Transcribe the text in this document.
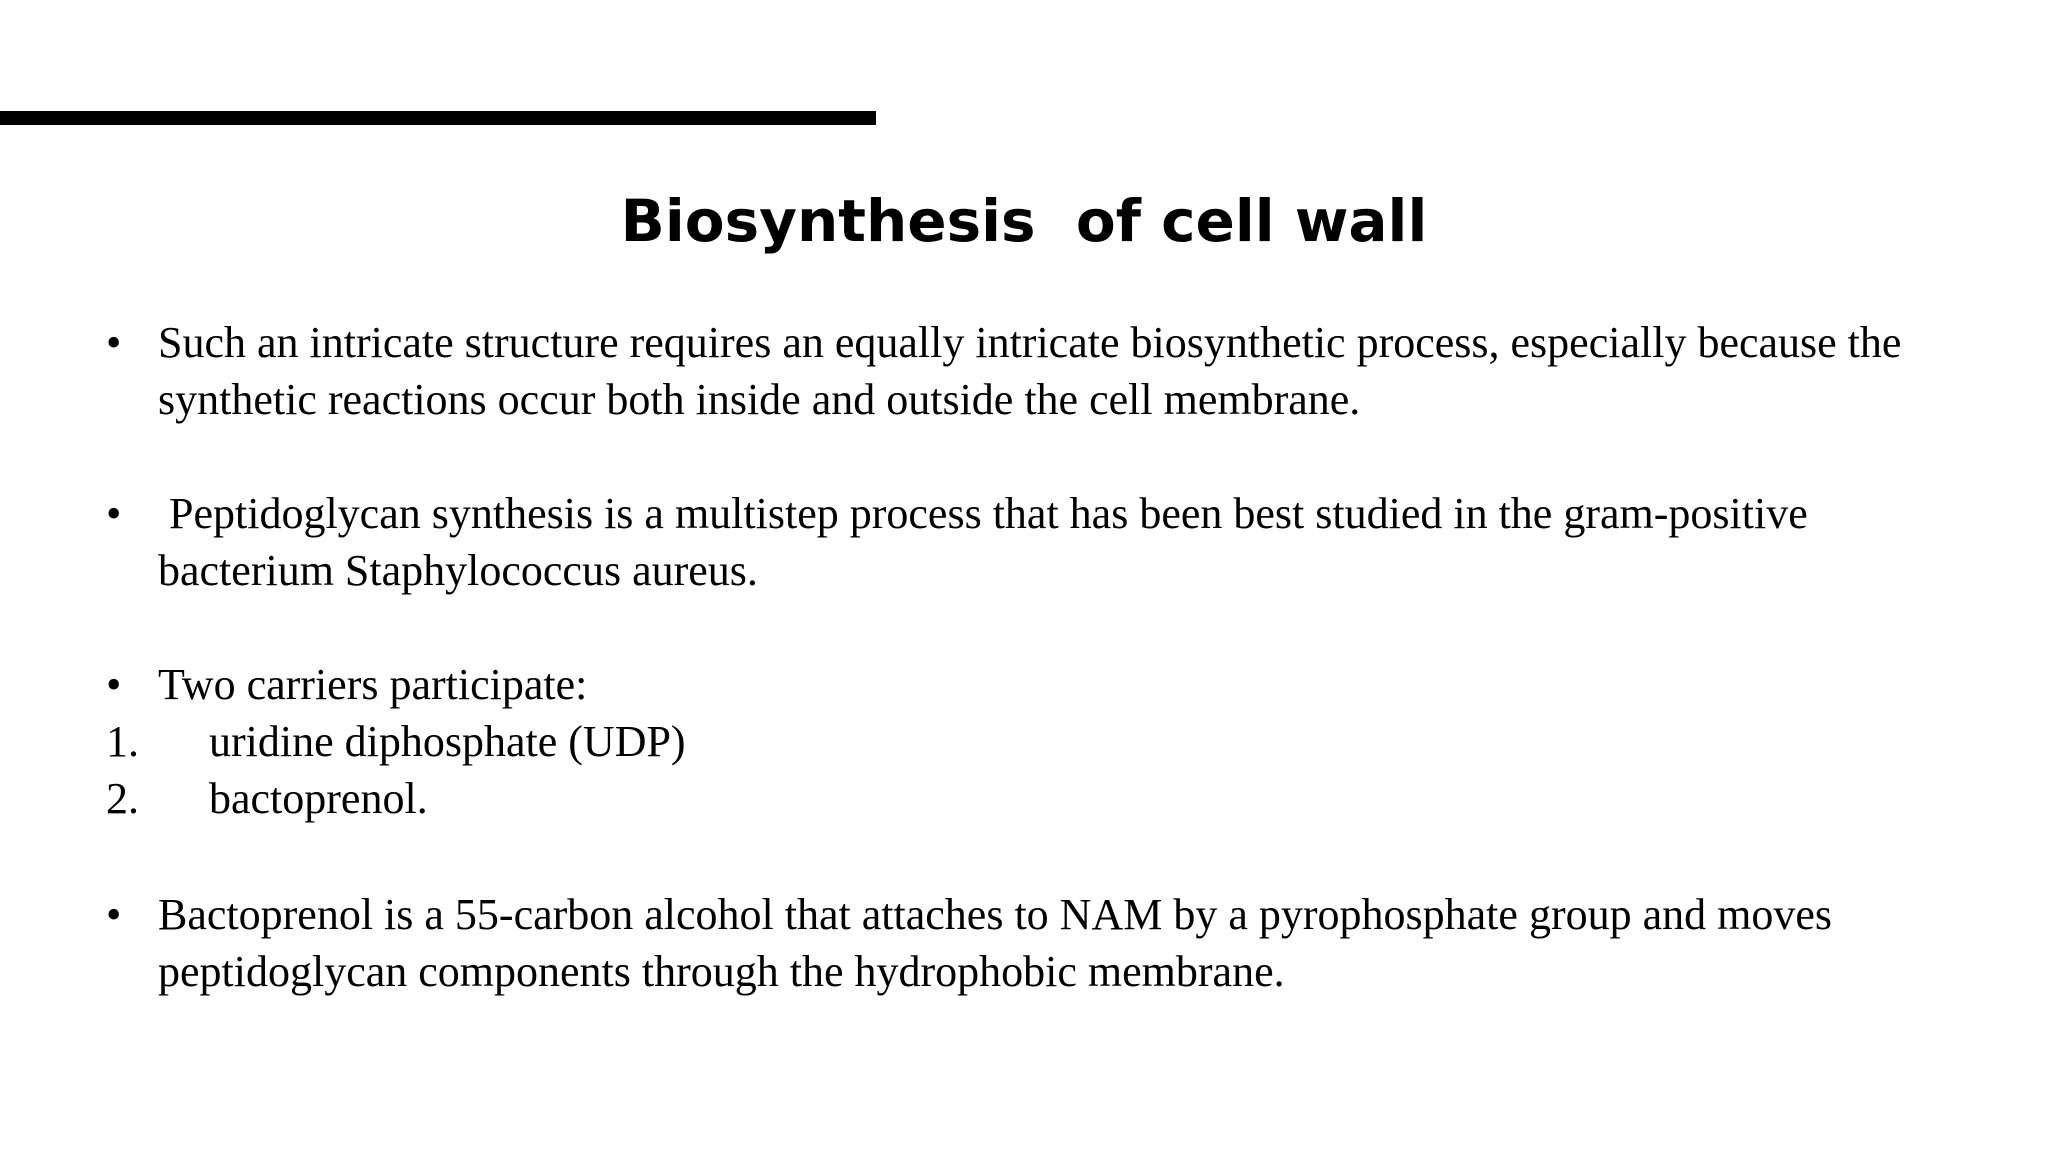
Biosynthesis  of cell wall
• Such an intricate structure requires an equally intricate biosynthetic process, especially because the synthetic reactions occur both inside and outside the cell membrane.
• Peptidoglycan synthesis is a multistep process that has been best studied in the gram-positive bacterium Staphylococcus aureus.
• Two carriers participate:
1. uridine diphosphate (UDP)
2. bactoprenol.
• Bactoprenol is a 55-carbon alcohol that attaches to NAM by a pyrophosphate group and moves peptidoglycan components through the hydrophobic membrane.
